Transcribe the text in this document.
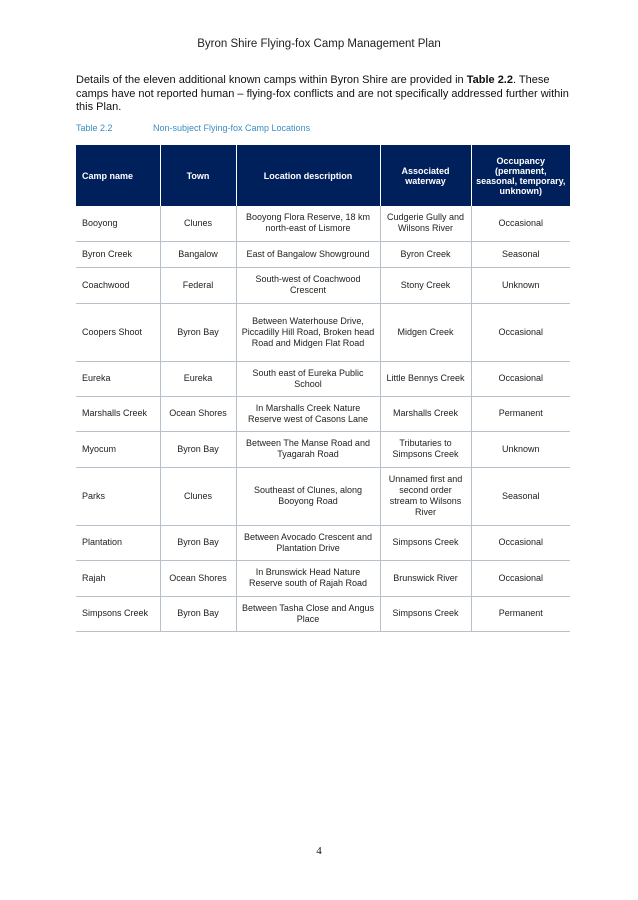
Byron Shire Flying-fox Camp Management Plan

Details of the eleven additional known camps within Byron Shire are provided in Table 2.2. These camps have not reported human – flying-fox conflicts and are not specifically addressed further within this Plan.

Table 2.2	Non-subject Flying-fox Camp Locations
Camp name	Town	Location description	Associated waterway	Occupancy (permanent, seasonal, temporary, unknown)
Booyong	Clunes	Booyong Flora Reserve, 18 km north-east of Lismore	Cudgerie Gully and Wilsons River	Occasional
Byron Creek	Bangalow	East of Bangalow Showground	Byron Creek	Seasonal
Coachwood	Federal	South-west of Coachwood Crescent	Stony Creek	Unknown
Coopers Shoot	Byron Bay	Between Waterhouse Drive, Piccadilly Hill Road, Broken head Road and Midgen Flat Road	Midgen Creek	Occasional
Eureka	Eureka	South east of Eureka Public School	Little Bennys Creek	Occasional
Marshalls Creek	Ocean Shores	In Marshalls Creek Nature Reserve west of Casons Lane	Marshalls Creek	Permanent
Myocum	Byron Bay	Between The Manse Road and Tyagarah Road	Tributaries to Simpsons Creek	Unknown
Parks	Clunes	Southeast of Clunes, along Booyong Road	Unnamed first and second order stream to Wilsons River	Seasonal
Plantation	Byron Bay	Between Avocado Crescent and Plantation Drive	Simpsons Creek	Occasional
Rajah	Ocean Shores	In Brunswick Head Nature Reserve south of Rajah Road	Brunswick River	Occasional
Simpsons Creek	Byron Bay	Between Tasha Close and Angus Place	Simpsons Creek	Permanent
4
